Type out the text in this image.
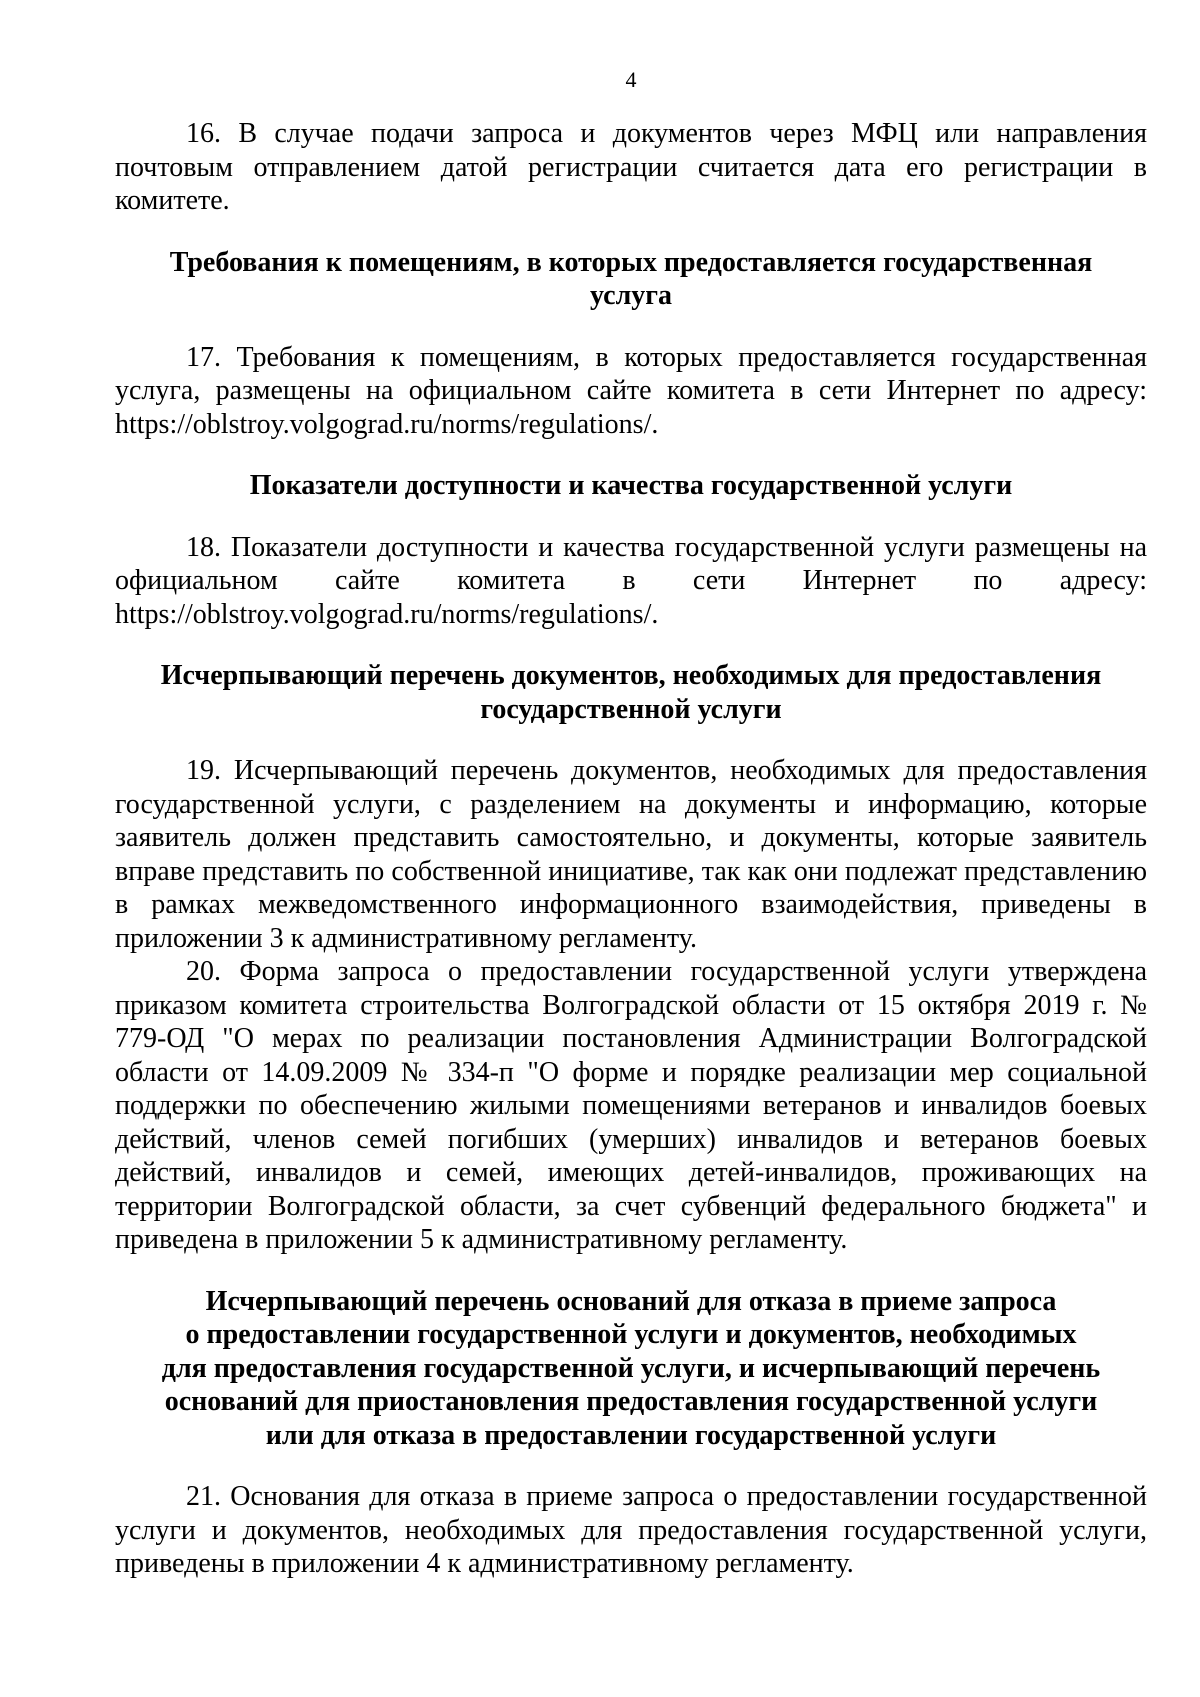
4

16. В случае подачи запроса и документов через МФЦ или направления почтовым отправлением датой регистрации считается дата его регистрации в комитете.

Требования к помещениям, в которых предоставляется государственная
услуга

17. Требования к помещениям, в которых предоставляется государственная услуга, размещены на официальном сайте комитета в сети Интернет по адресу: https://oblstroy.volgograd.ru/norms/regulations/.

Показатели доступности и качества государственной услуги

18. Показатели доступности и качества государственной услуги размещены на официальном сайте комитета в сети Интернет по адресу: https://oblstroy.volgograd.ru/norms/regulations/.

Исчерпывающий перечень документов, необходимых для предоставления
государственной услуги

19. Исчерпывающий перечень документов, необходимых для предоставления государственной услуги, с разделением на документы и информацию, которые заявитель должен представить самостоятельно, и документы, которые заявитель вправе представить по собственной инициативе, так как они подлежат представлению в рамках межведомственного информационного взаимодействия, приведены в приложении 3 к административному регламенту.

20. Форма запроса о предоставлении государственной услуги утверждена приказом комитета строительства Волгоградской области от 15 октября 2019 г. № 779-ОД "О мерах по реализации постановления Администрации Волгоградской области от 14.09.2009 № 334-п "О форме и порядке реализации мер социальной поддержки по обеспечению жилыми помещениями ветеранов и инвалидов боевых действий, членов семей погибших (умерших) инвалидов и ветеранов боевых действий, инвалидов и семей, имеющих детей-инвалидов, проживающих на территории Волгоградской области, за счет субвенций федерального бюджета" и приведена в приложении 5 к административному регламенту.

Исчерпывающий перечень оснований для отказа в приеме запроса
о предоставлении государственной услуги и документов, необходимых
для предоставления государственной услуги, и исчерпывающий перечень
оснований для приостановления предоставления государственной услуги
или для отказа в предоставлении государственной услуги

21. Основания для отказа в приеме запроса о предоставлении государственной услуги и документов, необходимых для предоставления государственной услуги, приведены в приложении 4 к административному регламенту.
